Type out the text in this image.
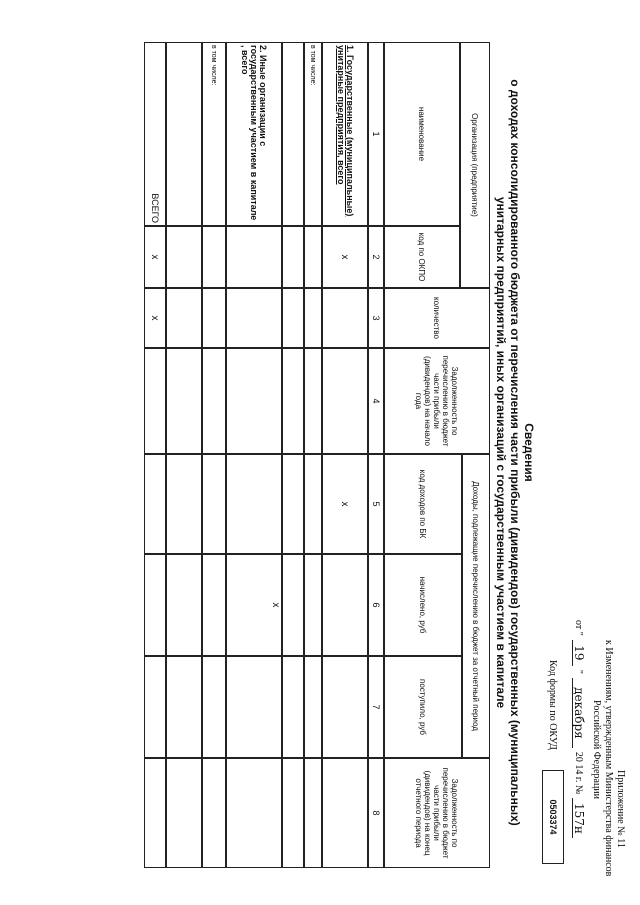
Приложение № 11
к Изменениям, утвержденным Министерства финансов
Российской Федерации
от "
19
"
декабря
20 14 г. №
157н
Код формы по ОКУД
0503374
Сведения
о доходах консолидированного бюджета от перечисления части прибыли (дивидендов) государственных (муниципальных)
унитарных предприятий, иных организаций с государственным участием в капитале
Организация (предприятие)
наименование
код по ОКПО
количество
Задолженность по перечислению в бюджет части прибыли (дивидендов) на начало года
Доходы, подлежащие перечислению в бюджет за отчетный период
код доходов по БК
начислено, руб
поступило, руб
Задолженность по перечислению в бюджет части прибыли (дивидендов) на конец отчетного периода
1
2
3
4
5
6
7
8
1. Государственные (муниципальные) унитарные предприятия, всего
x
x
в том числе:
2. Иные организации с государственным участием в капитале , всего
x
в том числе:
ВСЕГО
x
x
